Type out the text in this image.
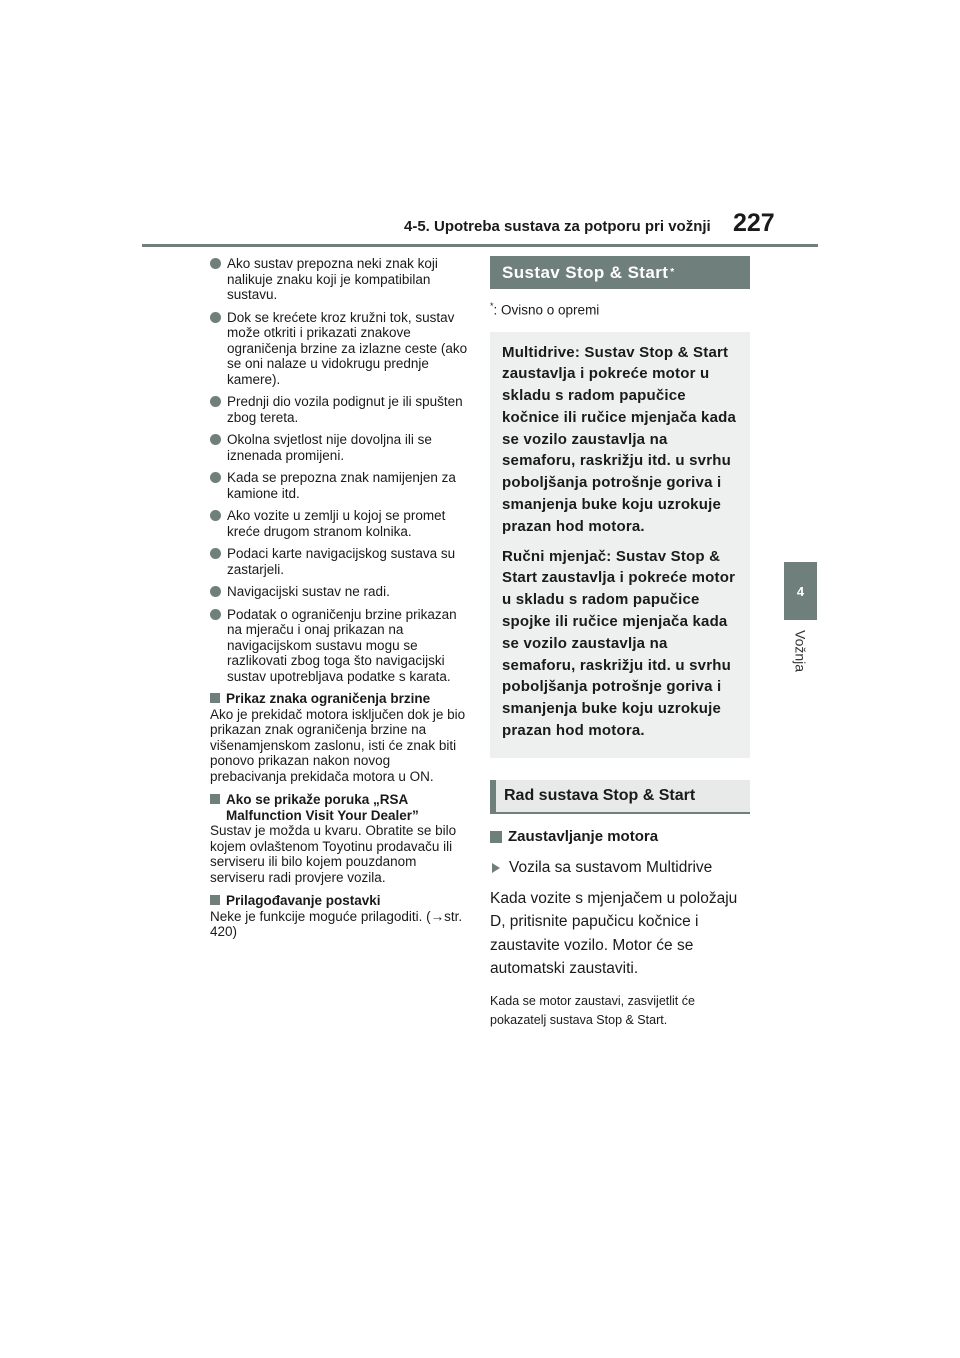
4-5. Upotreba sustava za potporu pri vožnji 227
4
Vožnja
Ako sustav prepozna neki znak koji nalikuje znaku koji je kompatibilan sustavu.
Dok se krećete kroz kružni tok, sustav može otkriti i prikazati znakove ograničenja brzine za izlazne ceste (ako se oni nalaze u vidokrugu prednje kamere).
Prednji dio vozila podignut je ili spušten zbog tereta.
Okolna svjetlost nije dovoljna ili se iznenada promijeni.
Kada se prepozna znak namijenjen za kamione itd.
Ako vozite u zemlji u kojoj se promet kreće drugom stranom kolnika.
Podaci karte navigacijskog sustava su zastarjeli.
Navigacijski sustav ne radi.
Podatak o ograničenju brzine prikazan na mjeraču i onaj prikazan na navigacijskom sustavu mogu se razlikovati zbog toga što navigacijski sustav upotrebljava podatke s karata.
Prikaz znaka ograničenja brzine
Ako je prekidač motora isključen dok je bio prikazan znak ograničenja brzine na višenamjenskom zaslonu, isti će znak biti ponovo prikazan nakon novog prebacivanja prekidača motora u ON.
Ako se prikaže poruka „RSA Malfunction Visit Your Dealer”
Sustav je možda u kvaru. Obratite se bilo kojem ovlaštenom Toyotinu prodavaču ili serviseru ili bilo kojem pouzdanom serviseru radi provjere vozila.
Prilagođavanje postavki
Neke je funkcije moguće prilagoditi. (→str. 420)
Sustav Stop & Start *
*: Ovisno o opremi

Multidrive: Sustav Stop & Start zaustavlja i pokreće motor u skladu s radom papučice kočnice ili ručice mjenjača kada se vozilo zaustavlja na semaforu, raskrižju itd. u svrhu poboljšanja potrošnje goriva i smanjenja buke koju uzrokuje prazan hod motora.

Ručni mjenjač: Sustav Stop & Start zaustavlja i pokreće motor u skladu s radom papučice spojke ili ručice mjenjača kada se vozilo zaustavlja na semaforu, raskrižju itd. u svrhu poboljšanja potrošnje goriva i smanjenja buke koju uzrokuje prazan hod motora.

Rad sustava Stop & Start
Zaustavljanje motora
Vozila sa sustavom Multidrive
Kada vozite s mjenjačem u položaju D, pritisnite papučicu kočnice i zaustavite vozilo. Motor će se automatski zaustaviti.
Kada se motor zaustavi, zasvijetlit će pokazatelj sustava Stop & Start.
